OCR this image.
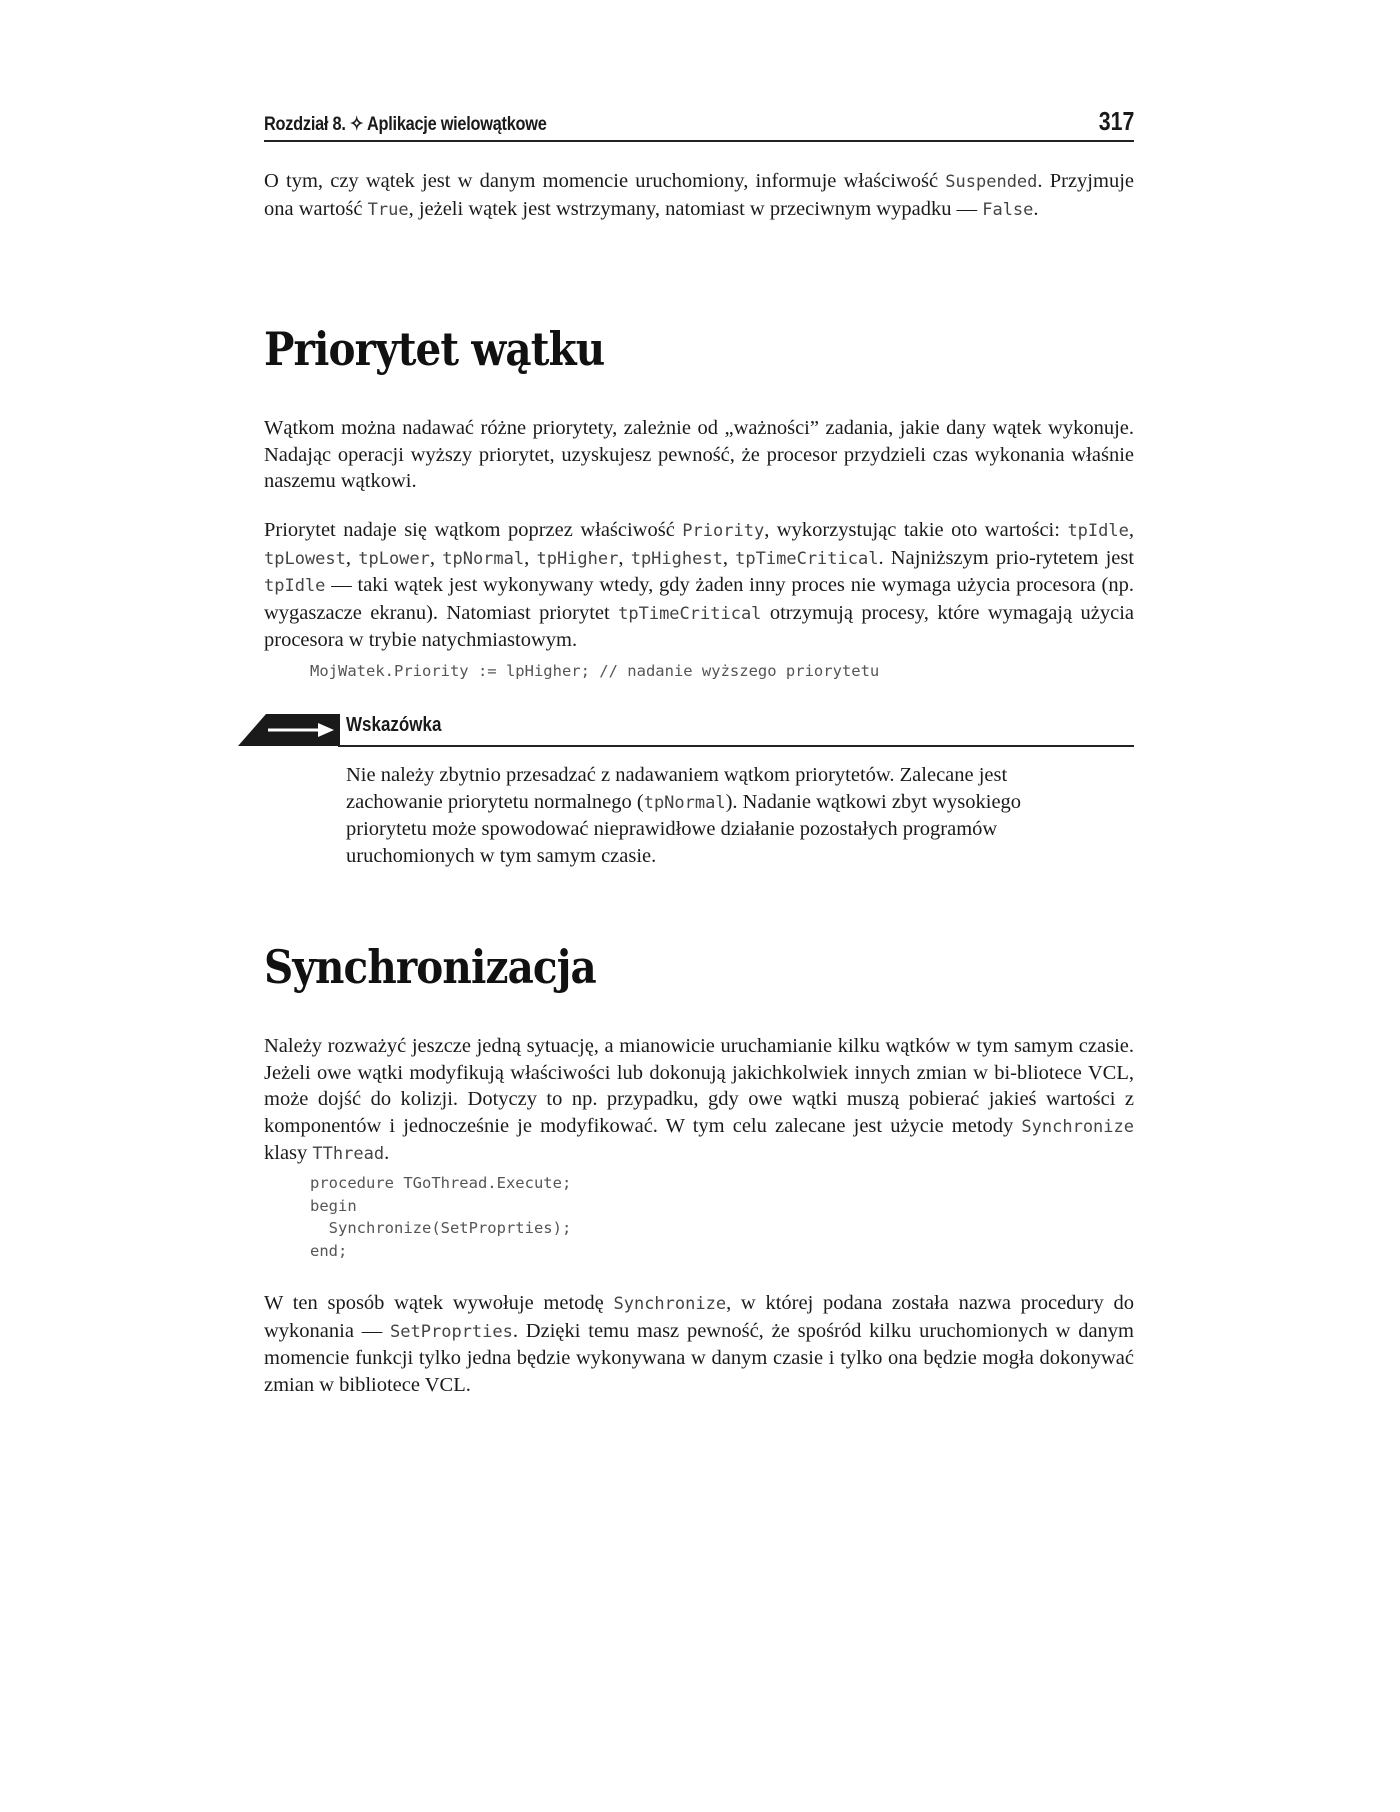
Rozdział 8. ✧ Aplikacje wielowątkowe	317

O tym, czy wątek jest w danym momencie uruchomiony, informuje właściwość Suspended. Przyjmuje ona wartość True, jeżeli wątek jest wstrzymany, natomiast w przeciwnym wypadku — False.

Priorytet wątku

Wątkom można nadawać różne priorytety, zależnie od „ważności” zadania, jakie dany wątek wykonuje. Nadając operacji wyższy priorytet, uzyskujesz pewność, że procesor przydzieli czas wykonania właśnie naszemu wątkowi.

Priorytet nadaje się wątkom poprzez właściwość Priority, wykorzystując takie oto wartości: tpIdle, tpLowest, tpLower, tpNormal, tpHigher, tpHighest, tpTimeCritical. Najniższym prio-rytetem jest tpIdle — taki wątek jest wykonywany wtedy, gdy żaden inny proces nie wymaga użycia procesora (np. wygaszacze ekranu). Natomiast priorytet tpTimeCritical otrzymują procesy, które wymagają użycia procesora w trybie natychmiastowym.

MojWatek.Priority := lpHigher; // nadanie wyższego priorytetu
Wskazówka

Nie należy zbytnio przesadzać z nadawaniem wątkom priorytetów. Zalecane jest zachowanie priorytetu normalnego (tpNormal). Nadanie wątkowi zbyt wysokiego priorytetu może spowodować nieprawidłowe działanie pozostałych programów uruchomionych w tym samym czasie.

Synchronizacja

Należy rozważyć jeszcze jedną sytuację, a mianowicie uruchamianie kilku wątków w tym samym czasie. Jeżeli owe wątki modyfikują właściwości lub dokonują jakichkolwiek innych zmian w bi-bliotece VCL, może dojść do kolizji. Dotyczy to np. przypadku, gdy owe wątki muszą pobierać jakieś wartości z komponentów i jednocześnie je modyfikować. W tym celu zalecane jest użycie metody Synchronize klasy TThread.

procedure TGoThread.Execute;
begin
Synchronize(SetProprties);
end;

W ten sposób wątek wywołuje metodę Synchronize, w której podana została nazwa procedury do wykonania — SetProprties. Dzięki temu masz pewność, że spośród kilku uruchomionych w danym momencie funkcji tylko jedna będzie wykonywana w danym czasie i tylko ona będzie mogła dokonywać zmian w bibliotece VCL.
